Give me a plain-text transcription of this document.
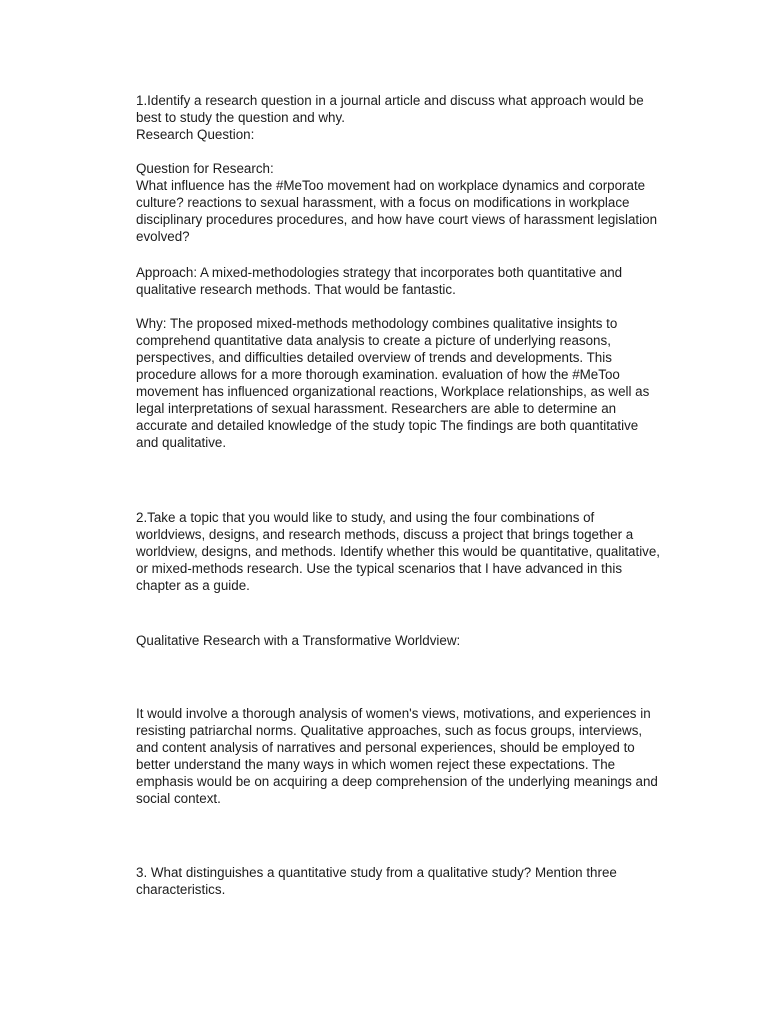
1.Identify a research question in a journal article and discuss what approach would be
best to study the question and why.
Research Question:
Question for Research:
What influence has the #MeToo movement had on workplace dynamics and corporate
culture? reactions to sexual harassment, with a focus on modifications in workplace
disciplinary procedures procedures, and how have court views of harassment legislation
evolved?
Approach: A mixed-methodologies strategy that incorporates both quantitative and
qualitative research methods. That would be fantastic.
Why: The proposed mixed-methods methodology combines qualitative insights to
comprehend quantitative data analysis to create a picture of underlying reasons,
perspectives, and difficulties detailed overview of trends and developments. This
procedure allows for a more thorough examination. evaluation of how the #MeToo
movement has influenced organizational reactions, Workplace relationships, as well as
legal interpretations of sexual harassment. Researchers are able to determine an
accurate and detailed knowledge of the study topic The findings are both quantitative
and qualitative.
2.Take a topic that you would like to study, and using the four combinations of
worldviews, designs, and research methods, discuss a project that brings together a
worldview, designs, and methods. Identify whether this would be quantitative, qualitative,
or mixed-methods research. Use the typical scenarios that I have advanced in this
chapter as a guide.
Qualitative Research with a Transformative Worldview:
It would involve a thorough analysis of women's views, motivations, and experiences in
resisting patriarchal norms. Qualitative approaches, such as focus groups, interviews,
and content analysis of narratives and personal experiences, should be employed to
better understand the many ways in which women reject these expectations. The
emphasis would be on acquiring a deep comprehension of the underlying meanings and
social context.
3. What distinguishes a quantitative study from a qualitative study? Mention three
characteristics.
